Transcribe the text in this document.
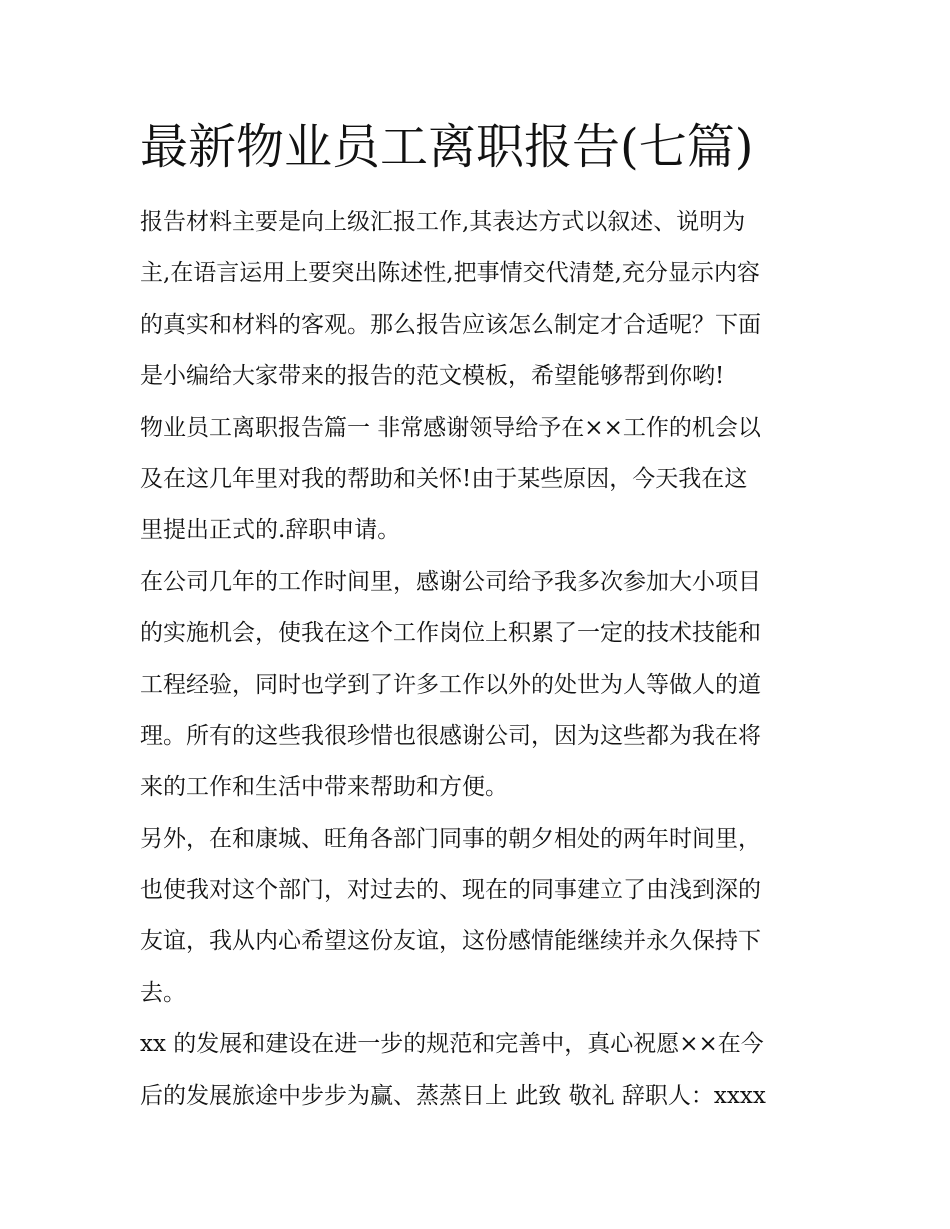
最新物业员工离职报告(七篇)
报告材料主要是向上级汇报工作,其表达方式以叙述、说明为
主,在语言运用上要突出陈述性,把事情交代清楚,充分显示内容
的真实和材料的客观。那么报告应该怎么制定才合适呢？下面
是小编给大家带来的报告的范文模板，希望能够帮到你哟!
物业员工离职报告篇一 非常感谢领导给予在××工作的机会以
及在这几年里对我的帮助和关怀!由于某些原因，今天我在这
里提出正式的.辞职申请。
在公司几年的工作时间里，感谢公司给予我多次参加大小项目
的实施机会，使我在这个工作岗位上积累了一定的技术技能和
工程经验，同时也学到了许多工作以外的处世为人等做人的道
理。所有的这些我很珍惜也很感谢公司，因为这些都为我在将
来的工作和生活中带来帮助和方便。
另外，在和康城、旺角各部门同事的朝夕相处的两年时间里，
也使我对这个部门，对过去的、现在的同事建立了由浅到深的
友谊，我从内心希望这份友谊，这份感情能继续并永久保持下
去。
xx 的发展和建设在进一步的规范和完善中，真心祝愿××在今
后的发展旅途中步步为赢、蒸蒸日上 此致 敬礼 辞职人：xxxx
